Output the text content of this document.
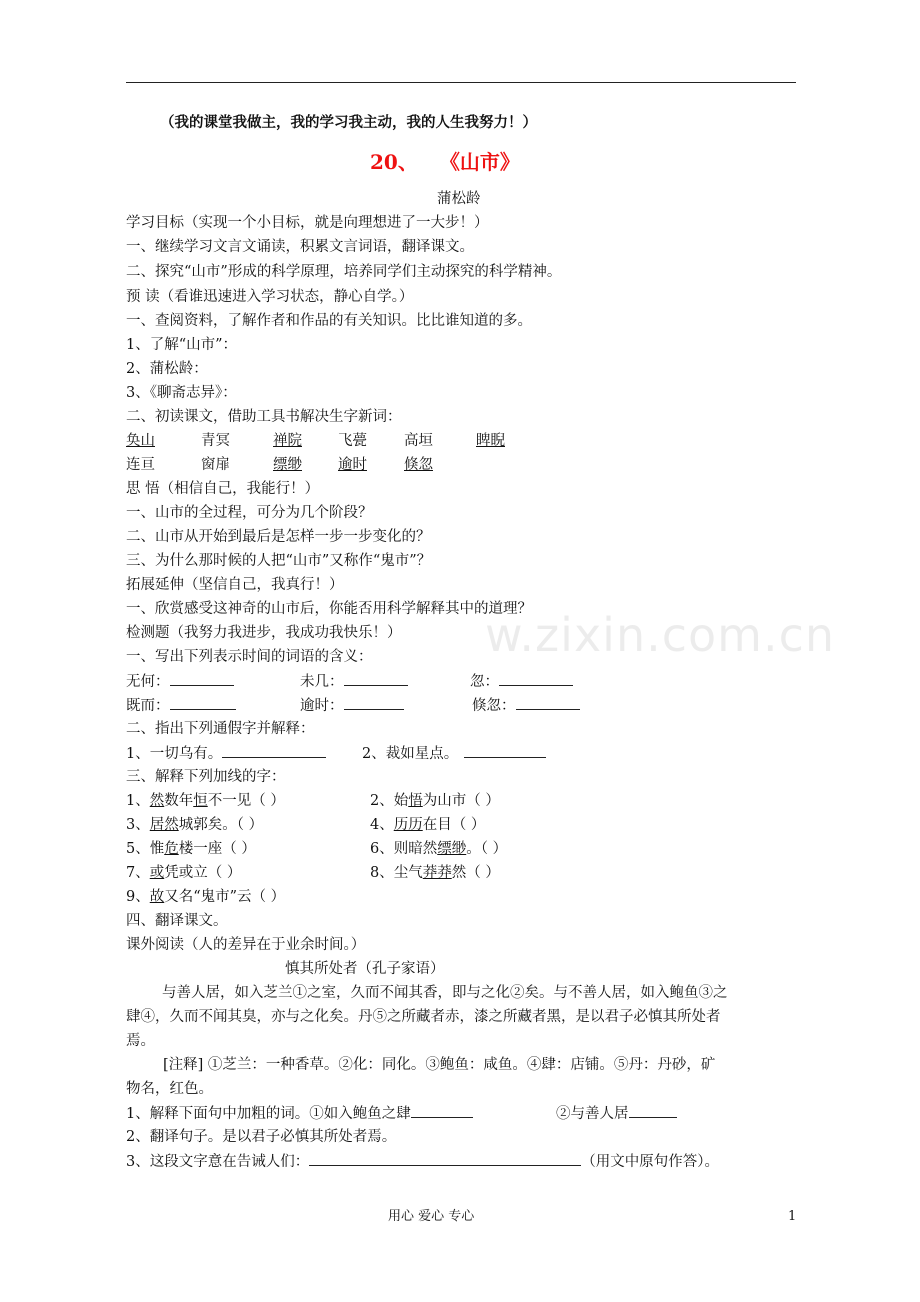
（我的课堂我做主，我的学习我主动，我的人生我努力！）
20、 《山市》
蒲松龄
学习目标（实现一个小目标，就是向理想进了一大步！）
一、继续学习文言文诵读，积累文言词语，翻译课文。
二、探究“山市”形成的科学原理，培养同学们主动探究的科学精神。
预 读（看谁迅速进入学习状态，静心自学。）
一、查阅资料，了解作者和作品的有关知识。比比谁知道的多。
1、了解“山市”：
2、蒲松龄：
3、《聊斋志异》：
二、初读课文，借助工具书解决生字新词：
奂山	青冥	禅院 飞甍	高垣	睥睨
连亘	窗扉	缥缈 逾时	倏忽
思 悟（相信自己，我能行！）
一、山市的全过程，可分为几个阶段？
二、山市从开始到最后是怎样一步一步变化的？
三、为什么那时候的人把“山市”又称作“鬼市”？
拓展延伸（坚信自己，我真行！）
一、欣赏感受这神奇的山市后，你能否用科学解释其中的道理？
w.zixin.com.cn
检测题（我努力我进步，我成功我快乐！）
一、写出下列表示时间的词语的含义：
无何：	未几：	忽：
既而：	逾时：	倏忽：
二、指出下列通假字并解释：
1、一切乌有。	2、裁如星点。
三、解释下列加线的字：
1、然数年恒不一见（ ）	2、始悟为山市（ ）
3、居然城郭矣。（ ）	4、历历在目（ ）
5、惟危楼一座（ ）	6、则暗然缥缈。（ ）
7、或凭或立（ ）	8、尘气莽莽然（ ）
9、故又名“鬼市”云（ ）
四、翻译课文。
课外阅读（人的差异在于业余时间。）
慎其所处者（孔子家语）
与善人居，如入芝兰①之室，久而不闻其香，即与之化②矣。与不善人居，如入鲍鱼③之
肆④，久而不闻其臭，亦与之化矣。丹⑤之所藏者赤，漆之所藏者黑，是以君子必慎其所处者
焉。
[注释] ①芝兰：一种香草。②化：同化。③鲍鱼：咸鱼。④肆：店铺。⑤丹：丹砂，矿
物名，红色。
1、解释下面句中加粗的词。①如入鲍鱼之肆	②与善人居
2、翻译句子。是以君子必慎其所处者焉。
3、这段文字意在告诫人们：	（用文中原句作答）。
用心 爱心 专心	1
